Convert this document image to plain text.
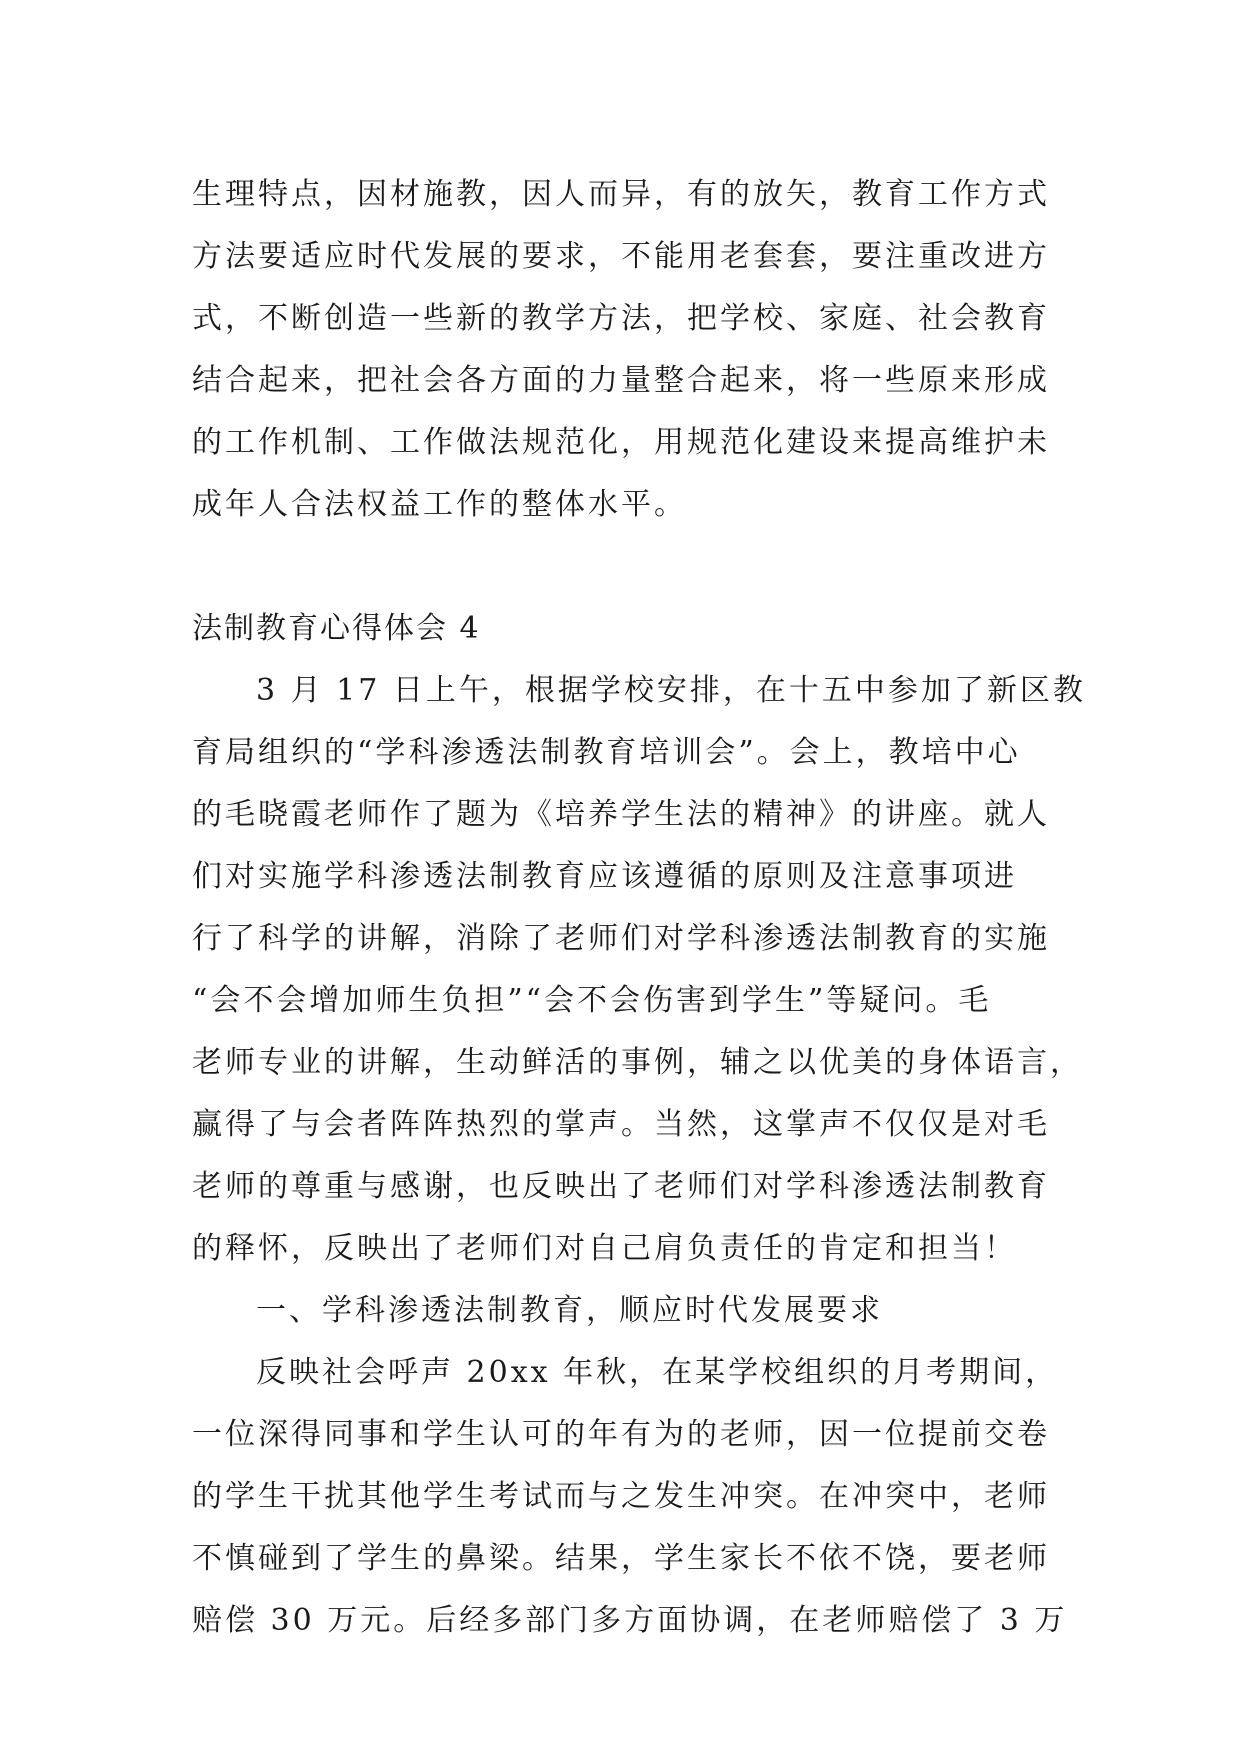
生理特点，因材施教，因人而异，有的放矢，教育工作方式
方法要适应时代发展的要求，不能用老套套，要注重改进方
式，不断创造一些新的教学方法，把学校、家庭、社会教育
结合起来，把社会各方面的力量整合起来，将一些原来形成
的工作机制、工作做法规范化，用规范化建设来提高维护未
成年人合法权益工作的整体水平。
法制教育心得体会 4
3 月 17 日上午，根据学校安排，在十五中参加了新区教
育局组织的“学科渗透法制教育培训会”。会上，教培中心
的毛晓霞老师作了题为《培养学生法的精神》的讲座。就人
们对实施学科渗透法制教育应该遵循的原则及注意事项进
行了科学的讲解，消除了老师们对学科渗透法制教育的实施
“会不会增加师生负担”“会不会伤害到学生”等疑问。毛
老师专业的讲解，生动鲜活的事例，辅之以优美的身体语言，
赢得了与会者阵阵热烈的掌声。当然，这掌声不仅仅是对毛
老师的尊重与感谢，也反映出了老师们对学科渗透法制教育
的释怀，反映出了老师们对自己肩负责任的肯定和担当！
一、学科渗透法制教育，顺应时代发展要求
反映社会呼声 20xx 年秋，在某学校组织的月考期间，
一位深得同事和学生认可的年有为的老师，因一位提前交卷
的学生干扰其他学生考试而与之发生冲突。在冲突中，老师
不慎碰到了学生的鼻梁。结果，学生家长不依不饶，要老师
赔偿 30 万元。后经多部门多方面协调，在老师赔偿了 3 万
